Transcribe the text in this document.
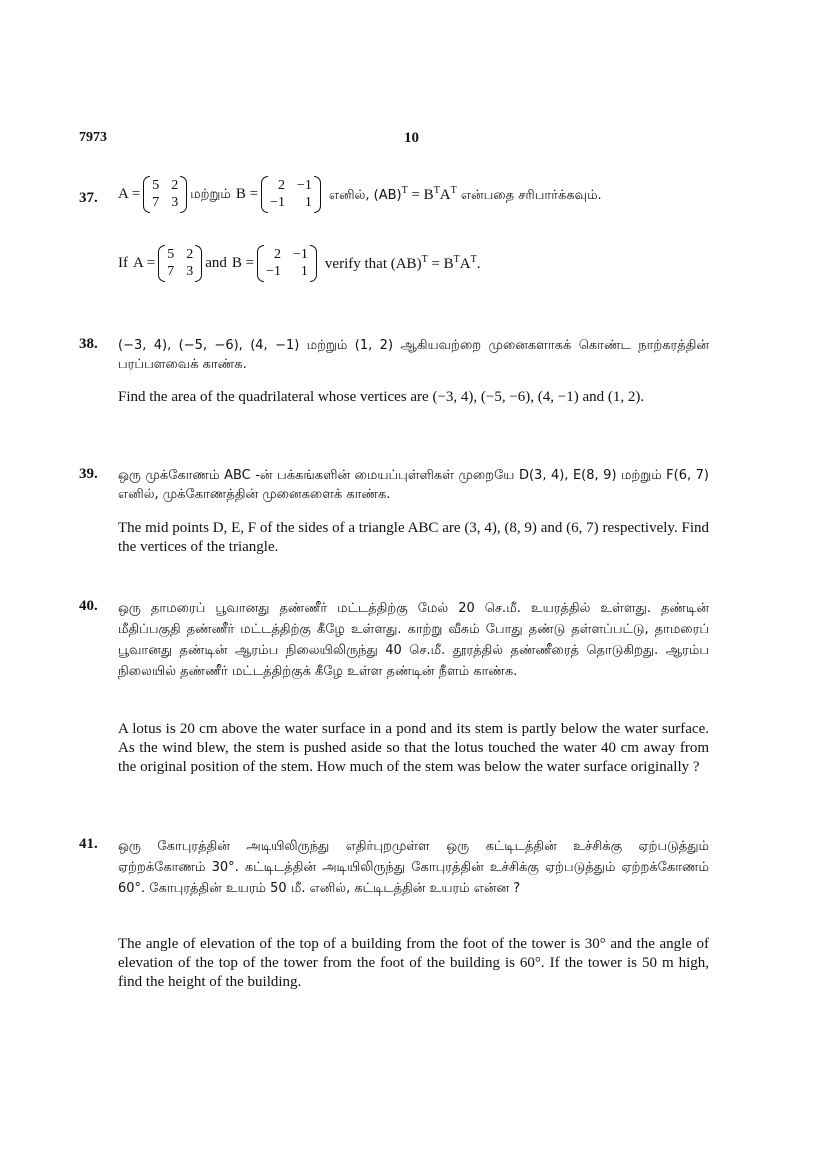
7973	10
37. A =
5 2
7 3
மற்றும் B =
2 −1
−1	1 எனில், $(AB)^T = B^TA^T$ என்பதை சரிபார்க்கவும்.
If A =
5 2
7 3
and B =
2 −1
−1	1 verify that $(AB)^T = B^TA^T$.
38. (−3, 4), (−5, −6), (4, −1) மற்றும் (1, 2) ஆகியவற்றை முனைகளாகக் கொண்ட நாற்கரத்தின் பரப்பளவைக் காண்க.
Find the area of the quadrilateral whose vertices are (−3, 4), (−5, −6), (4, −1) and (1, 2).
39. ஒரு முக்கோணம் ABC -ன் பக்கங்களின் மையப்புள்ளிகள் முறையே D(3, 4), E(8, 9) மற்றும் F(6, 7) எனில், முக்கோணத்தின் முனைகளைக் காண்க.
The mid points D, E, F of the sides of a triangle ABC are (3, 4), (8, 9) and (6, 7) respectively. Find the vertices of the triangle.
40. ஒரு தாமரைப் பூவானது தண்ணீர் மட்டத்திற்கு மேல் 20 செ.மீ. உயரத்தில் உள்ளது. தண்டின் மீதிப்பகுதி தண்ணீர் மட்டத்திற்கு கீழே உள்ளது. காற்று வீசும் போது தண்டு தள்ளப்பட்டு, தாமரைப் பூவானது தண்டின் ஆரம்ப நிலையிலிருந்து 40 செ.மீ. தூரத்தில் தண்ணீரைத் தொடுகிறது. ஆரம்ப நிலையில் தண்ணீர் மட்டத்திற்குக் கீழே உள்ள தண்டின் நீளம் காண்க.
A lotus is 20 cm above the water surface in a pond and its stem is partly below the water surface. As the wind blew, the stem is pushed aside so that the lotus touched the water 40 cm away from the original position of the stem. How much of the stem was below the water surface originally ?
41. ஒரு கோபுரத்தின் அடியிலிருந்து எதிர்புறமுள்ள ஒரு கட்டிடத்தின் உச்சிக்கு ஏற்படுத்தும் ஏற்றக்கோணம் 30°. கட்டிடத்தின் அடியிலிருந்து கோபுரத்தின் உச்சிக்கு ஏற்படுத்தும் ஏற்றக்கோணம் 60°. கோபுரத்தின் உயரம் 50 மீ. எனில், கட்டிடத்தின் உயரம் என்ன ?
The angle of elevation of the top of a building from the foot of the tower is 30° and the angle of elevation of the top of the tower from the foot of the building is 60°. If the tower is 50 m high, find the height of the building.
